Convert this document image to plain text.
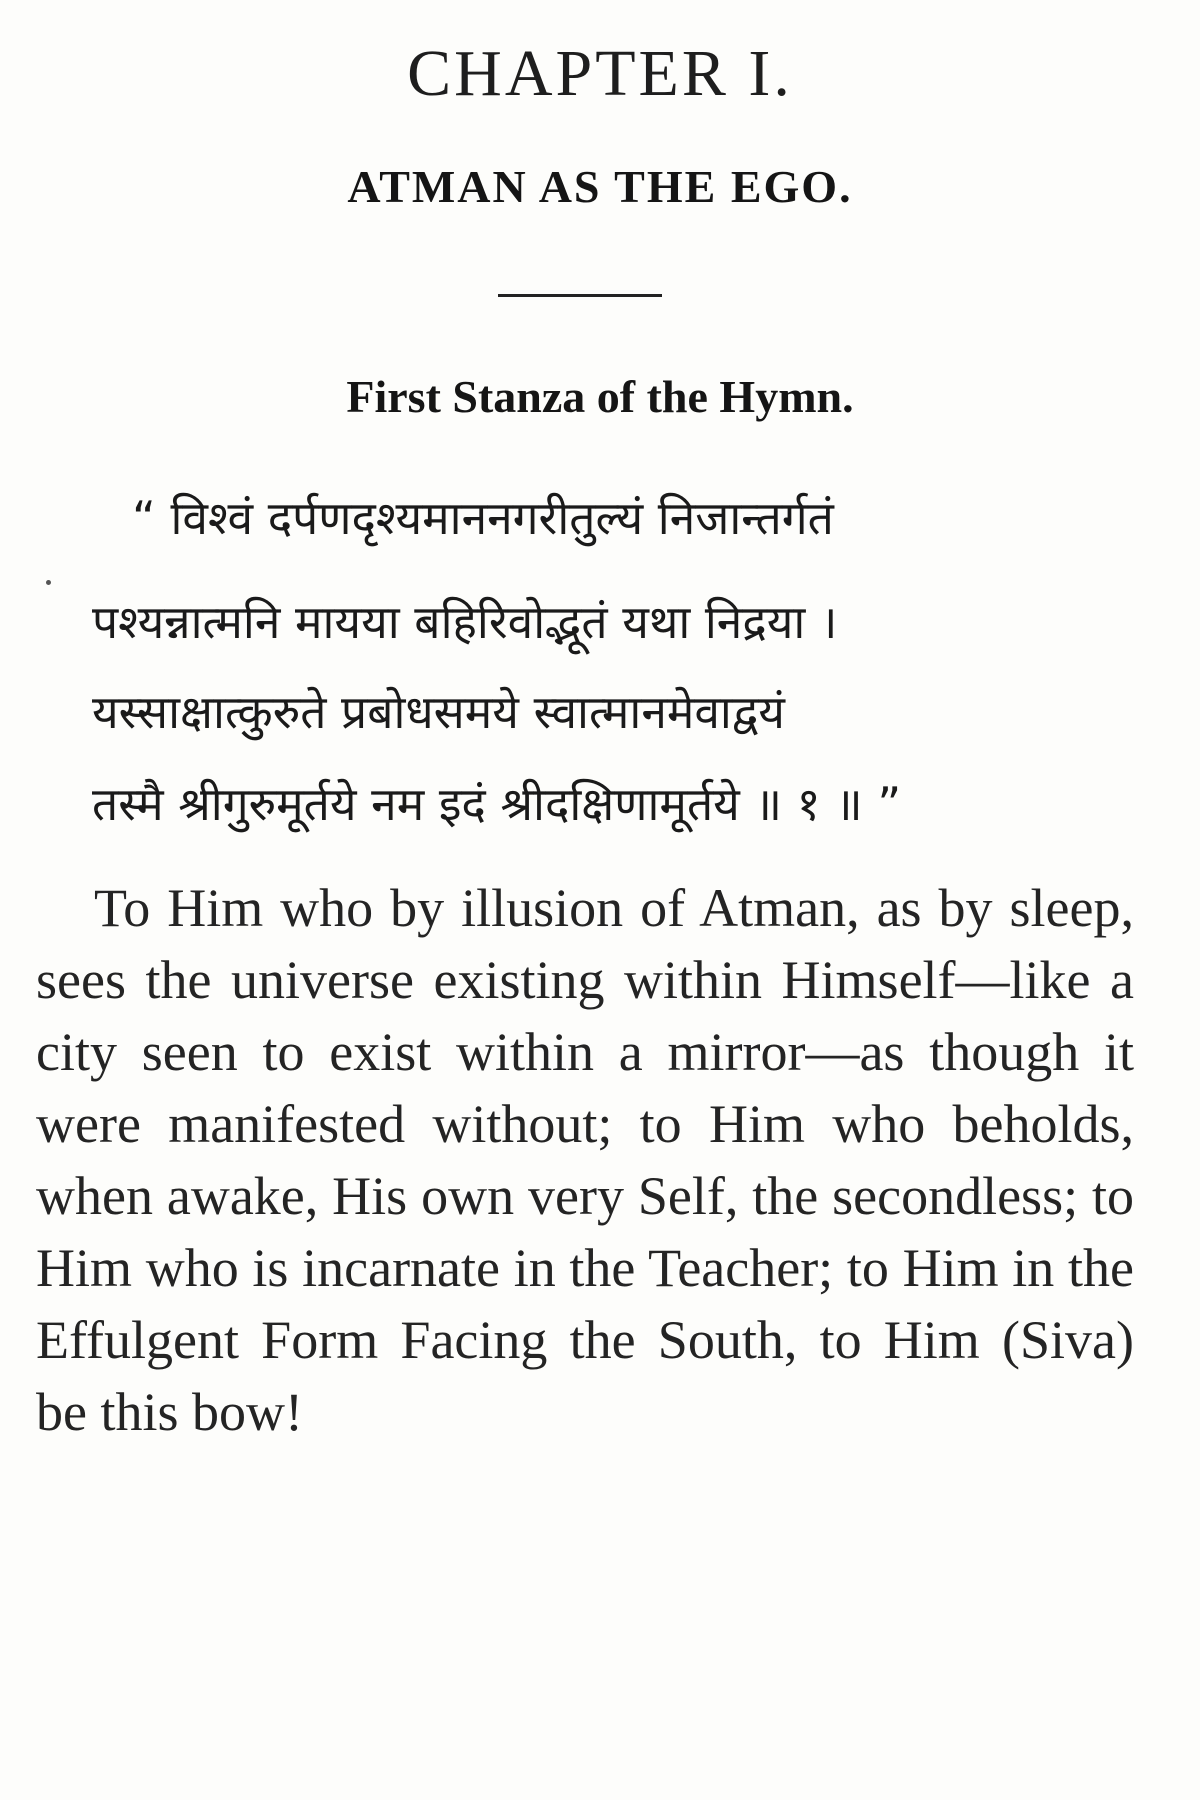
CHAPTER I.
ATMAN AS THE EGO.
First Stanza of the Hymn.
“ विश्वं दर्पणदृश्यमाननगरीतुल्यं निजान्तर्गतं
पश्यन्नात्मनि मायया बहिरिवोद्भूतं यथा निद्रया ।
यस्साक्षात्कुरुते प्रबोधसमये स्वात्मानमेवाद्वयं
तस्मै श्रीगुरुमूर्तये नम इदं श्रीदक्षिणामूर्तये ॥ १ ॥ ”
To Him who by illusion of Atman, as by sleep, sees the universe existing within Himself—like a city seen to exist within a mirror—as though it were manifested without; to Him who beholds, when awake, His own very Self, the secondless; to Him who is incarnate in the Teacher; to Him in the Effulgent Form Facing the South, to Him (Siva) be this bow!
